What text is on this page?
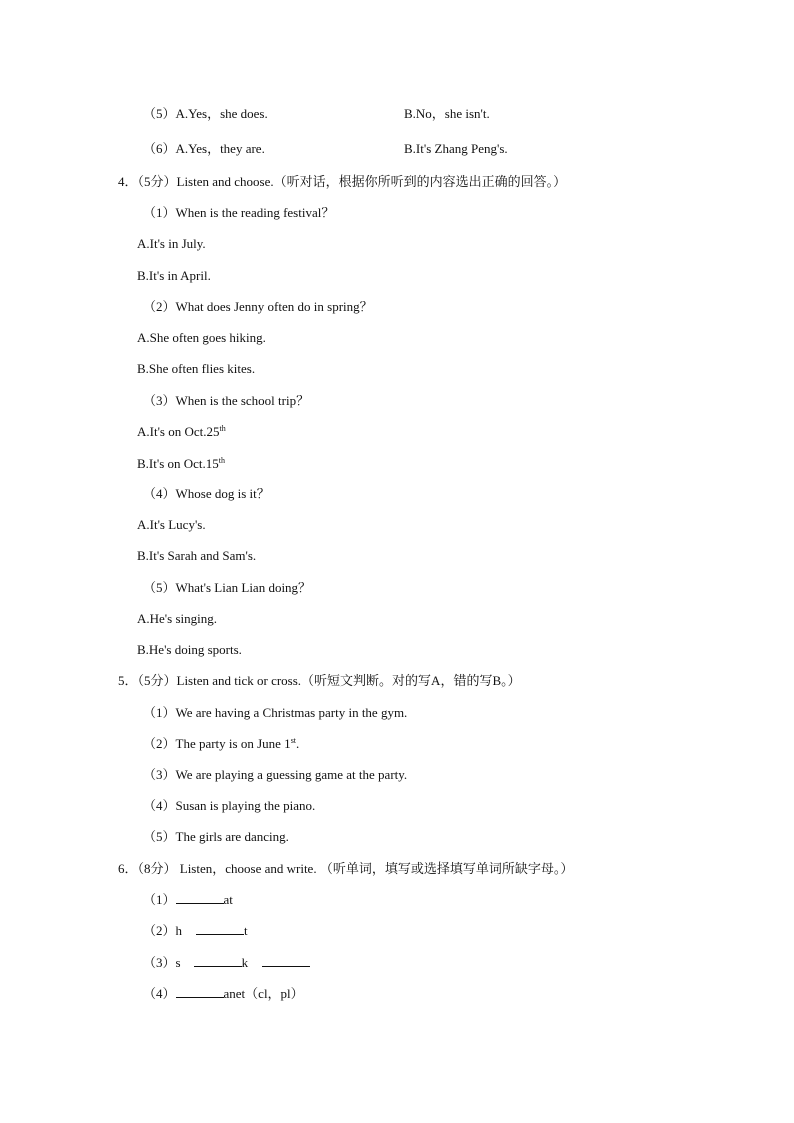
（5）A.Yes，she does.	B.No，she isn't.
（6）A.Yes，they are.	B.It's Zhang Peng's.
4．（5分）Listen and choose.（听对话，根据你所听到的内容选出正确的回答。）
（1）When is the reading festival？
A.It's in July.
B.It's in April.
（2）What does Jenny often do in spring？
A.She often goes hiking.
B.She often flies kites.
（3）When is the school trip？
A.It's on Oct.25th
B.It's on Oct.15th
（4）Whose dog is it？
A.It's Lucy's.
B.It's Sarah and Sam's.
（5）What's Lian Lian doing？
A.He's singing.
B.He's doing sports.
5．（5分）Listen and tick or cross.（听短文判断。对的写A，错的写B。）
（1）We are having a Christmas party in the gym.
（2）The party is on June 1st.
（3）We are playing a guessing game at the party.
（4）Susan is playing the piano.
（5）The girls are dancing.
6．（8分） Listen，choose and write. （听单词，填写或选择填写单词所缺字母。）
（1）	at
（2）h	t
（3）s	k
（4）	anet（cl，pl）
